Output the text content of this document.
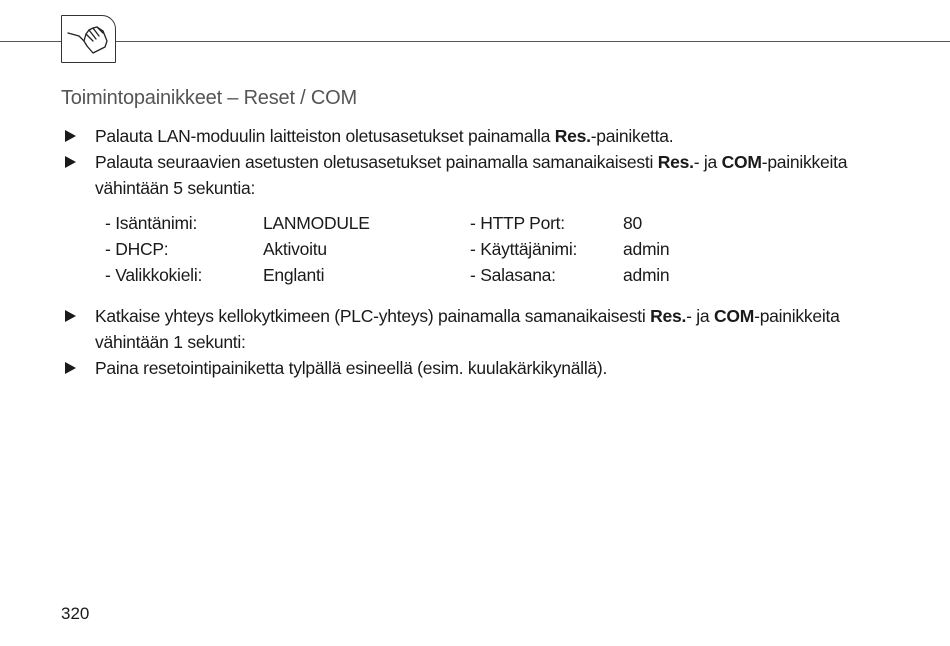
Toimintopainikkeet – Reset / COM
Palauta LAN-moduulin laitteiston oletusasetukset painamalla Res.-painiketta.
Palauta seuraavien asetusten oletusasetukset painamalla samanaikaisesti Res.- ja COM-painikkeita
vähintään 5 sekuntia:
- Isäntänimi:	LANMODULE	- HTTP Port:	80
- DHCP:	Aktivoitu	- Käyttäjänimi:	admin
- Valikkokieli:	Englanti	- Salasana:	admin
Katkaise yhteys kellokytkimeen (PLC-yhteys) painamalla samanaikaisesti Res.- ja COM-painikkeita
vähintään 1 sekunti:
Paina resetointipainiketta tylpällä esineellä (esim. kuulakärkikynällä).
320
